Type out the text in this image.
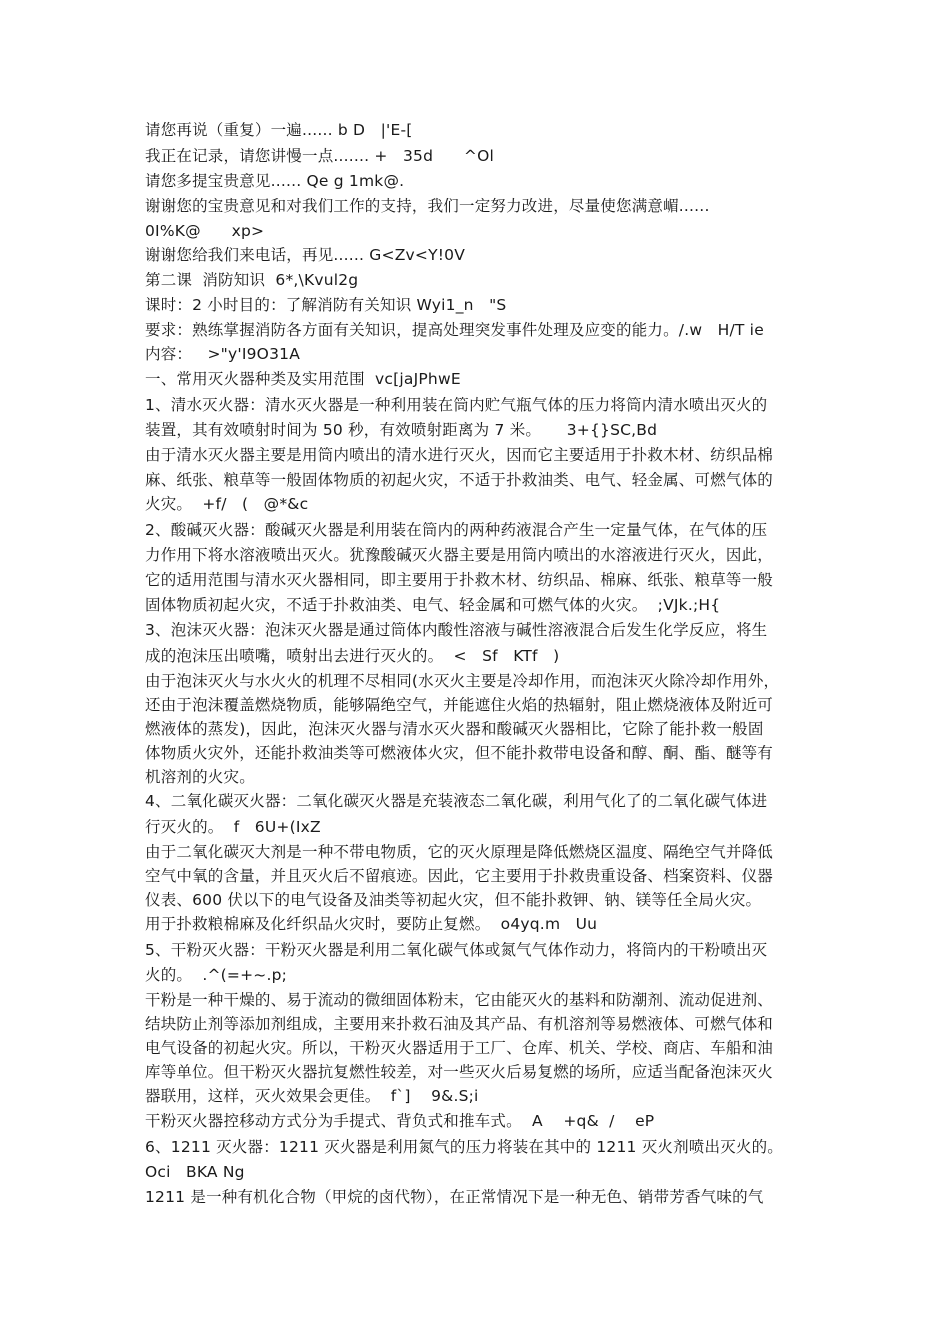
请您再说（重复）一遍...... b D   |'E-[
我正在记录，请您讲慢一点....... +   35d      ^Ol
请您多提宝贵意见...... Qe g 1mk@.
谢谢您的宝贵意见和对我们工作的支持，我们一定努力改进，尽量使您满意嵋......
0I%K@      xp>
谢谢您给我们来电话，再见...... G<Zv<Y!0V
第二课  消防知识  6*,\Kvul2g
课时：2 小时目的：了解消防有关知识 Wyi1_n   "S
要求：熟练掌握消防各方面有关知识，提高处理突发事件处理及应变的能力。/.w   H/T ie
内容：   >"y'I9O31A
一、常用灭火器种类及实用范围  vc[jaJPhwE
1、清水灭火器：清水灭火器是一种利用装在筒内贮气瓶气体的压力将筒内清水喷出灭火的
装置，其有效喷射时间为 50 秒，有效喷射距离为 7 米。     3+{}SC,Bd
由于清水灭火器主要是用筒内喷出的清水进行灭火，因而它主要适用于扑救木材、纺织品棉
麻、纸张、粮草等一般固体物质的初起火灾，不适于扑救油类、电气、轻金属、可燃气体的
火灾。  +f/   (   @*&c
2、酸碱灭火器：酸碱灭火器是利用装在筒内的两种药液混合产生一定量气体，在气体的压
力作用下将水溶液喷出灭火。犹豫酸碱灭火器主要是用筒内喷出的水溶液进行灭火，因此，
它的适用范围与清水灭火器相同，即主要用于扑救木材、纺织品、棉麻、纸张、粮草等一般
固体物质初起火灾，不适于扑救油类、电气、轻金属和可燃气体的火灾。  ;VJk.;H{
3、泡沫灭火器：泡沫灭火器是通过筒体内酸性溶液与碱性溶液混合后发生化学反应，将生
成的泡沫压出喷嘴，喷射出去进行灭火的。  <   Sf   KTf   )
由于泡沫灭火与水火火的机理不尽相同(水灭火主要是冷却作用，而泡沫灭火除冷却作用外，
还由于泡沫覆盖燃烧物质，能够隔绝空气，并能遮住火焰的热辐射，阻止燃烧液体及附近可
燃液体的蒸发)，因此，泡沫灭火器与清水灭火器和酸碱灭火器相比，它除了能扑救一般固
体物质火灾外，还能扑救油类等可燃液体火灾，但不能扑救带电设备和醇、酮、酯、醚等有
机溶剂的火灾。
4、二氧化碳灭火器：二氧化碳灭火器是充装液态二氧化碳，利用气化了的二氧化碳气体进
行灭火的。  f   6U+(IxZ
由于二氧化碳灭大剂是一种不带电物质，它的灭火原理是降低燃烧区温度、隔绝空气并降低
空气中氧的含量，并且灭火后不留痕迹。因此，它主要用于扑救贵重设备、档案资料、仪器
仪表、600 伏以下的电气设备及油类等初起火灾，但不能扑救钾、钠、镁等任全局火灾。
用于扑救粮棉麻及化纤织品火灾时，要防止复燃。  o4yq.m   Uu
5、干粉灭火器：干粉灭火器是利用二氧化碳气体或氮气气体作动力，将筒内的干粉喷出灭
火的。  .^(=+~.p;
干粉是一种干燥的、易于流动的微细固体粉末，它由能灭火的基料和防潮剂、流动促进剂、
结块防止剂等添加剂组成，主要用来扑救石油及其产品、有机溶剂等易燃液体、可燃气体和
电气设备的初起火灾。所以，干粉灭火器适用于工厂、仓库、机关、学校、商店、车船和油
库等单位。但干粉灭火器抗复燃性较差，对一些灭火后易复燃的场所，应适当配备泡沫灭火
器联用，这样，灭火效果会更佳。  f`]    9&.S;i
干粉灭火器控移动方式分为手提式、背负式和推车式。  A    +q&  /    eP
6、1211 灭火器：1211 灭火器是利用氮气的压力将装在其中的 1211 灭火剂喷出灭火的。
Oci   BKA Ng
1211 是一种有机化合物（甲烷的卤代物），在正常情况下是一种无色、销带芳香气味的气
